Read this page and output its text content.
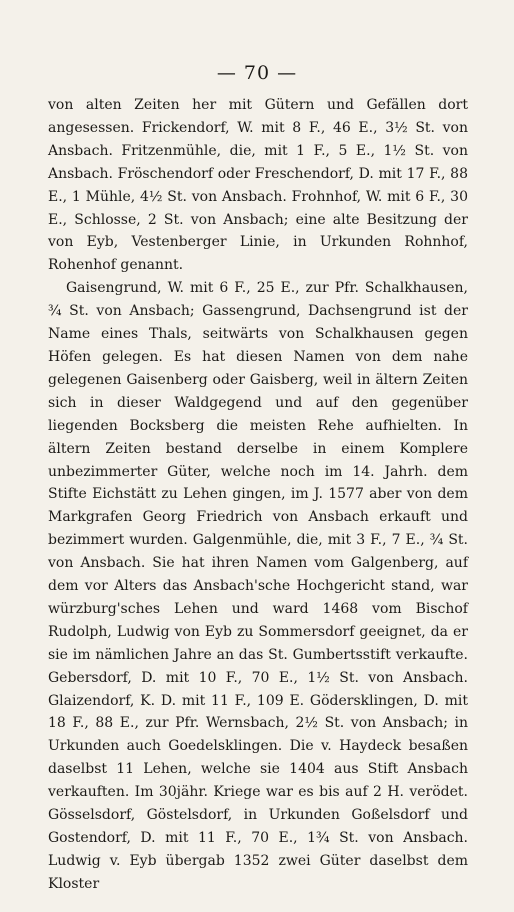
— 70 —

von alten Zeiten her mit Gütern und Gefällen dort angesessen. Frickendorf, W. mit 8 F., 46 E., 3½ St. von Ansbach. Fritzenmühle, die, mit 1 F., 5 E., 1½ St. von Ansbach. Fröschendorf oder Freschendorf, D. mit 17 F., 88 E., 1 Mühle, 4½ St. von Ansbach. Frohnhof, W. mit 6 F., 30 E., Schlosse, 2 St. von Ansbach; eine alte Besitzung der von Eyb, Vestenberger Linie, in Urkunden Rohnhof, Rohenhof genannt.

Gaisengrund, W. mit 6 F., 25 E., zur Pfr. Schalkhausen, ¾ St. von Ansbach; Gassengrund, Dachsengrund ist der Name eines Thals, seitwärts von Schalkhausen gegen Höfen gelegen. Es hat diesen Namen von dem nahe gelegenen Gaisenberg oder Gaisberg, weil in ältern Zeiten sich in dieser Waldgegend und auf den gegenüber liegenden Bocksberg die meisten Rehe aufhielten. In ältern Zeiten bestand derselbe in einem Komplere unbezimmerter Güter, welche noch im 14. Jahrh. dem Stifte Eichstätt zu Lehen gingen, im J. 1577 aber von dem Markgrafen Georg Friedrich von Ansbach erkauft und bezimmert wurden. Galgenmühle, die, mit 3 F., 7 E., ¾ St. von Ansbach. Sie hat ihren Namen vom Galgenberg, auf dem vor Alters das Ansbach'sche Hochgericht stand, war würzburg'sches Lehen und ward 1468 vom Bischof Rudolph, Ludwig von Eyb zu Sommersdorf geeignet, da er sie im nämlichen Jahre an das St. Gumbertsstift verkaufte. Gebersdorf, D. mit 10 F., 70 E., 1½ St. von Ansbach. Glaizendorf, K. D. mit 11 F., 109 E. Gödersklingen, D. mit 18 F., 88 E., zur Pfr. Wernsbach, 2½ St. von Ansbach; in Urkunden auch Goedelsklingen. Die v. Haydeck besaßen daselbst 11 Lehen, welche sie 1404 aus Stift Ansbach verkauften. Im 30jähr. Kriege war es bis auf 2 H. verödet. Gösselsdorf, Göstelsdorf, in Urkunden Goßelsdorf und Gostendorf, D. mit 11 F., 70 E., 1¾ St. von Ansbach. Ludwig v. Eyb übergab 1352 zwei Güter daselbst dem Kloster
